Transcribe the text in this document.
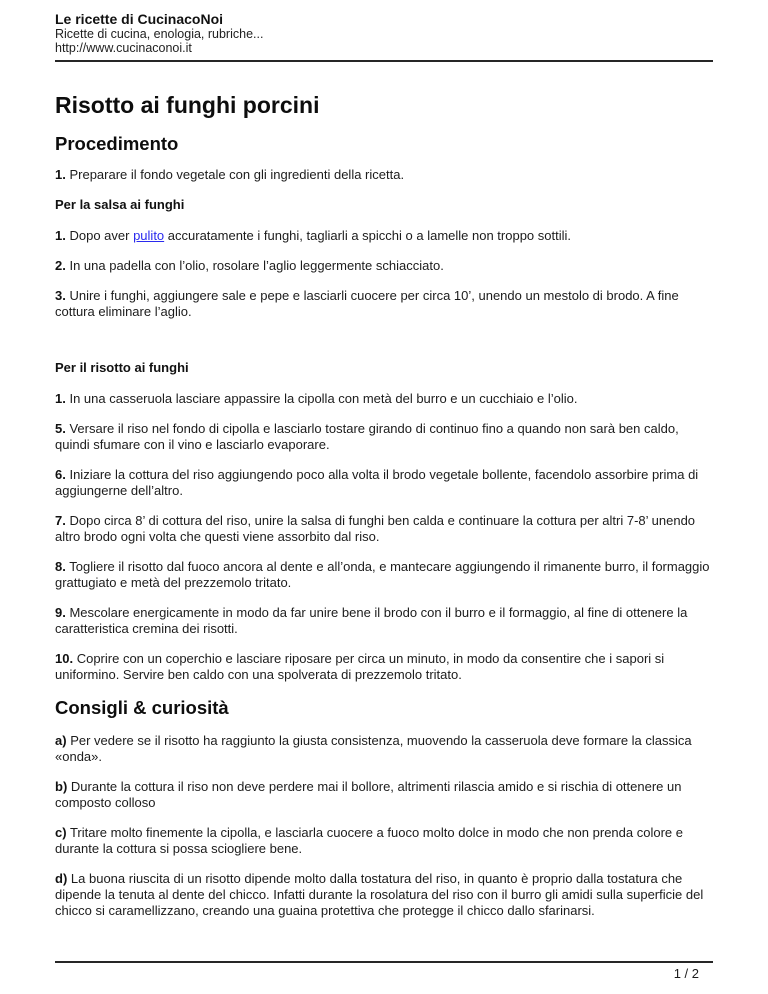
Le ricette di CucinacoNoi
Ricette di cucina, enologia, rubriche...
http://www.cucinaconoi.it
Risotto ai funghi porcini
Procedimento

1. Preparare il fondo vegetale con gli ingredienti della ricetta.

Per la salsa ai funghi

1. Dopo aver pulito accuratamente i funghi, tagliarli a spicchi o a lamelle non troppo sottili.

2. In una padella con l’olio, rosolare l’aglio leggermente schiacciato.

3. Unire i funghi, aggiungere sale e pepe e lasciarli cuocere per circa 10’, unendo un mestolo di brodo. A fine cottura eliminare l’aglio.

Per il risotto ai funghi

1. In una casseruola lasciare appassire la cipolla con metà del burro e un cucchiaio e l’olio.

5. Versare il riso nel fondo di cipolla e lasciarlo tostare girando di continuo fino a quando non sarà ben caldo, quindi sfumare con il vino e lasciarlo evaporare.

6. Iniziare la cottura del riso aggiungendo poco alla volta il brodo vegetale bollente, facendolo assorbire prima di aggiungerne dell’altro.

7. Dopo circa 8’ di cottura del riso, unire la salsa di funghi ben calda e continuare la cottura per altri 7-8’ unendo altro brodo ogni volta che questi viene assorbito dal riso.

8. Togliere il risotto dal fuoco ancora al dente e all’onda, e mantecare aggiungendo il rimanente burro, il formaggio grattugiato e metà del prezzemolo tritato.

9. Mescolare energicamente in modo da far unire bene il brodo con il burro e il formaggio, al fine di ottenere la caratteristica cremina dei risotti.

10. Coprire con un coperchio e lasciare riposare per circa un minuto, in modo da consentire che i sapori si uniformino. Servire ben caldo con una spolverata di prezzemolo tritato.

Consigli & curiosità

a) Per vedere se il risotto ha raggiunto la giusta consistenza, muovendo la casseruola deve formare la classica «onda».

b) Durante la cottura il riso non deve perdere mai il bollore, altrimenti rilascia amido e si rischia di ottenere un composto colloso

c) Tritare molto finemente la cipolla, e lasciarla cuocere a fuoco molto dolce in modo che non prenda colore e durante la cottura si possa sciogliere bene.

d) La buona riuscita di un risotto dipende molto dalla tostatura del riso, in quanto è proprio dalla tostatura che dipende la tenuta al dente del chicco. Infatti durante la rosolatura del riso con il burro gli amidi sulla superficie del chicco si caramellizzano, creando una guaina protettiva che protegge il chicco dallo sfarinarsi.

1 / 2
